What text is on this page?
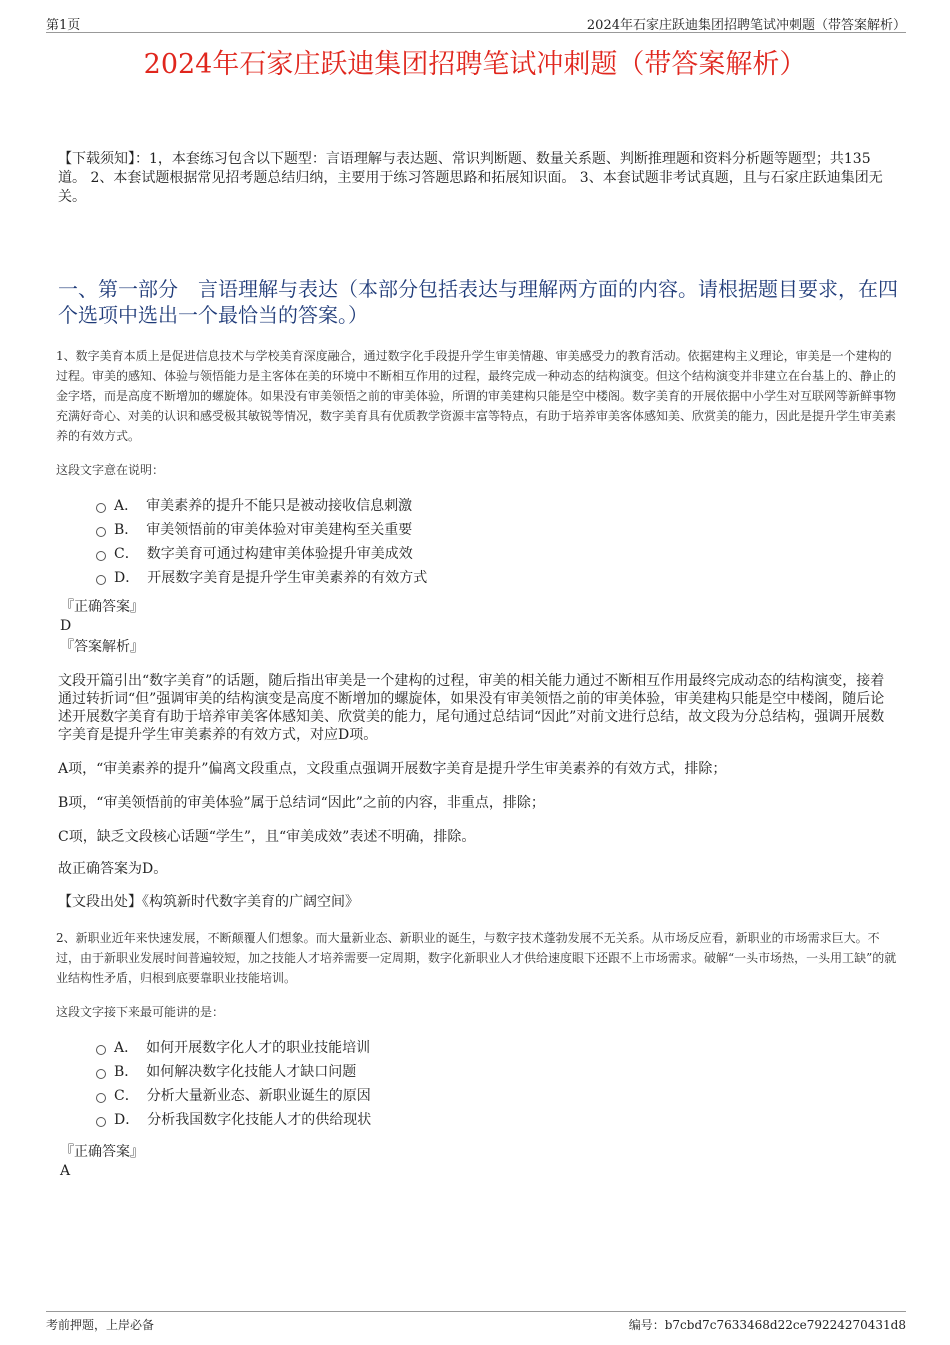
第1页	2024年石家庄跃迪集团招聘笔试冲刺题（带答案解析）
2024年石家庄跃迪集团招聘笔试冲刺题（带答案解析）
【下载须知】：1，本套练习包含以下题型：言语理解与表达题、常识判断题、数量关系题、判断推理题和资料分析题等题型；共135道。 2、本套试题根据常见招考题总结归纳，主要用于练习答题思路和拓展知识面。 3、本套试题非考试真题，且与石家庄跃迪集团无关。
一、第一部分　言语理解与表达（本部分包括表达与理解两方面的内容。请根据题目要求，在四个选项中选出一个最恰当的答案。）
1、数字美育本质上是促进信息技术与学校美育深度融合，通过数字化手段提升学生审美情趣、审美感受力的教育活动。依据建构主义理论，审美是一个建构的过程。审美的感知、体验与领悟能力是主客体在美的环境中不断相互作用的过程，最终完成一种动态的结构演变。但这个结构演变并非建立在台基上的、静止的金字塔，而是高度不断增加的螺旋体。如果没有审美领悟之前的审美体验，所谓的审美建构只能是空中楼阁。数字美育的开展依据中小学生对互联网等新鲜事物充满好奇心、对美的认识和感受极其敏锐等情况，数字美育具有优质教学资源丰富等特点，有助于培养审美客体感知美、欣赏美的能力，因此是提升学生审美素养的有效方式。
这段文字意在说明：
A． 审美素养的提升不能只是被动接收信息刺激
B． 审美领悟前的审美体验对审美建构至关重要
C． 数字美育可通过构建审美体验提升审美成效
D． 开展数字美育是提升学生审美素养的有效方式
『正确答案』
D
『答案解析』
文段开篇引出“数字美育”的话题，随后指出审美是一个建构的过程，审美的相关能力通过不断相互作用最终完成动态的结构演变，接着通过转折词“但”强调审美的结构演变是高度不断增加的螺旋体，如果没有审美领悟之前的审美体验，审美建构只能是空中楼阁，随后论述开展数字美育有助于培养审美客体感知美、欣赏美的能力，尾句通过总结词“因此”对前文进行总结，故文段为分总结构，强调开展数字美育是提升学生审美素养的有效方式，对应D项。
A项，“审美素养的提升”偏离文段重点，文段重点强调开展数字美育是提升学生审美素养的有效方式，排除；
B项，“审美领悟前的审美体验”属于总结词“因此”之前的内容，非重点，排除；
C项，缺乏文段核心话题“学生”，且“审美成效”表述不明确，排除。
故正确答案为D。
【文段出处】《构筑新时代数字美育的广阔空间》
2、新职业近年来快速发展，不断颠覆人们想象。而大量新业态、新职业的诞生，与数字技术蓬勃发展不无关系。从市场反应看，新职业的市场需求巨大。不过，由于新职业发展时间普遍较短，加之技能人才培养需要一定周期，数字化新职业人才供给速度眼下还跟不上市场需求。破解“一头市场热，一头用工缺”的就业结构性矛盾，归根到底要靠职业技能培训。
这段文字接下来最可能讲的是：
A． 如何开展数字化人才的职业技能培训
B． 如何解决数字化技能人才缺口问题
C． 分析大量新业态、新职业诞生的原因
D． 分析我国数字化技能人才的供给现状
『正确答案』
A
考前押题，上岸必备	编号：b7cbd7c7633468d22ce79224270431d8
